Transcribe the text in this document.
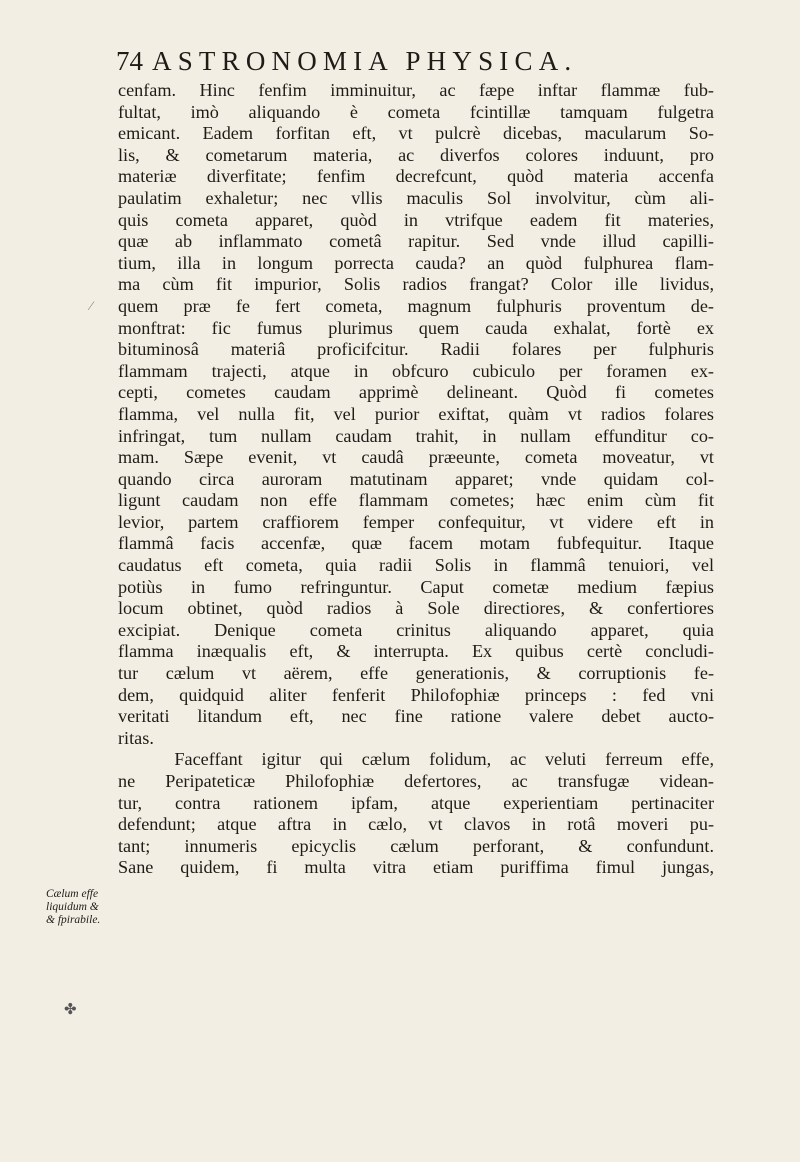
74 ASTRONOMIA PHYSICA.
cenfam. Hinc fenfim imminuitur, ac fæpe inftar flammæ fub-
fultat, imò aliquando è cometa fcintillæ tamquam fulgetra
emicant. Eadem forfitan eft, vt pulcrè dicebas, macularum So-
lis, & cometarum materia, ac diverfos colores induunt, pro
materiæ diverfitate; fenfim decrefcunt, quòd materia accenfa
paulatim exhaletur; nec vllis maculis Sol involvitur, cùm ali-
quis cometa apparet, quòd in vtrifque eadem fit materies,
quæ ab inflammato cometâ rapitur. Sed vnde illud capilli-
tium, illa in longum porrecta cauda? an quòd fulphurea flam-
ma cùm fit impurior, Solis radios frangat? Color ille lividus,
quem præ fe fert cometa, magnum fulphuris proventum de-
monftrat: fic fumus plurimus quem cauda exhalat, fortè ex
bituminosâ materiâ proficifcitur. Radii folares per fulphuris
flammam trajecti, atque in obfcuro cubiculo per foramen ex-
cepti, cometes caudam apprimè delineant. Quòd fi cometes
flamma, vel nulla fit, vel purior exiftat, quàm vt radios folares
infringat, tum nullam caudam trahit, in nullam effunditur co-
mam. Sæpe evenit, vt caudâ præeunte, cometa moveatur, vt
quando circa auroram matutinam apparet; vnde quidam col-
ligunt caudam non effe flammam cometes; hæc enim cùm fit
levior, partem craffiorem femper confequitur, vt videre eft in
flammâ facis accenfæ, quæ facem motam fubfequitur. Itaque
caudatus eft cometa, quia radii Solis in flammâ tenuiori, vel
potiùs in fumo refringuntur. Caput cometæ medium fæpius
locum obtinet, quòd radios à Sole directiores, & confertiores
excipiat. Denique cometa crinitus aliquando apparet, quia
flamma inæqualis eft, & interrupta. Ex quibus certè concludi-
tur cælum vt aërem, effe generationis, & corruptionis fe-
dem, quidquid aliter fenferit Philofophiæ princeps : fed vni
veritati litandum eft, nec fine ratione valere debet aucto-
ritas.
Faceffant igitur qui cælum folidum, ac veluti ferreum effe,
ne Peripateticæ Philofophiæ defertores, ac transfugæ videan-
tur, contra rationem ipfam, atque experientiam pertinaciter
defendunt; atque aftra in cælo, vt clavos in rotâ moveri pu-
tant; innumeris epicyclis cælum perforant, & confundunt.
Sane quidem, fi multa vitra etiam puriffima fimul jungas,
Cælum effe
liquidum &
& fpirabile.
✤
⁄
